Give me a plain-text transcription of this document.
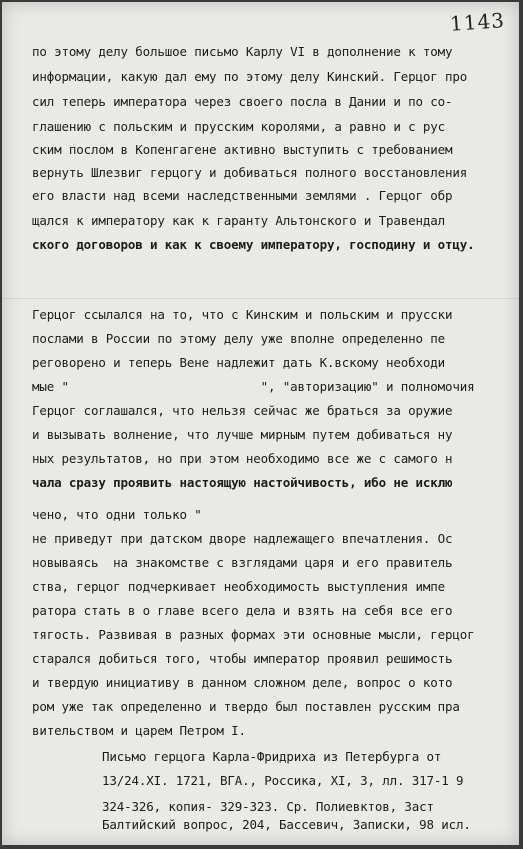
1143
по этому делу большое письмо Карлу VI в дополнение к тому
информации, какую дал ему по этому делу Кинский. Герцог про
сил теперь императора через своего посла в Дании и по со-
глашению с польским и прусским королями, а равно и с рус
ским послом в Копенгагене активно выступить с требованием
вернуть Шлезвиг герцогу и добиваться полного восстановления
его власти над всеми наследственными землями . Герцог обр
щался к императору как к гаранту Альтонского и Травендал
ского договоров и как к своему императору, господину и отцу.
Герцог ссылался на то, что с Кинским и польским и прусски
послами в России по этому делу уже вполне определенно пе
реговорено и теперь Вене надлежит дать К.вскому необходи
мые "                          ", "авторизацию" и полномочия
Герцог соглашался, что нельзя сейчас же браться за оружие
и вызывать волнение, что лучше мирным путем добиваться ну
ных результатов, но при этом необходимо все же с самого н
чала сразу проявить настоящую настойчивость, ибо не исклю
чено, что одни только "
не приведут при датском дворе надлежащего впечатления. Ос
новываясь  на знакомстве с взглядами царя и его правитель
ства, герцог подчеркивает необходимость выступления импе
ратора стать в о главе всего дела и взять на себя все его
тягость. Развивая в разных формах эти основные мысли, герцог
старался добиться того, чтобы император проявил решимость
и твердую инициативу в данном сложном деле, вопрос о кото
ром уже так определенно и твердо был поставлен русским пра
вительством и царем Петром I.
Письмо герцога Карла-Фридриха из Петербурга от
13/24.XI. 1721, ВГА., Россика, XI, 3, лл. 317-1 9
324-326, копия- 329-323. Ср. Полиевктов, Заст
Балтийский вопрос, 204, Бассевич, Записки, 98 исл.
